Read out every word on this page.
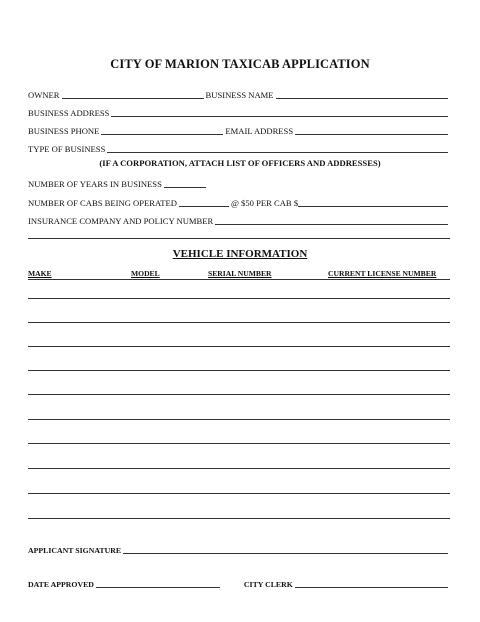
CITY OF MARION TAXICAB APPLICATION
OWNER	BUSINESS NAME
BUSINESS ADDRESS
BUSINESS PHONE	EMAIL ADDRESS
TYPE OF BUSINESS
(IF A CORPORATION, ATTACH LIST OF OFFICERS AND ADDRESSES)
NUMBER OF YEARS IN BUSINESS
NUMBER OF CABS BEING OPERATED	@ $50 PER CAB $
INSURANCE COMPANY AND POLICY NUMBER
VEHICLE INFORMATION
MAKE	MODEL	SERIAL NUMBER	CURRENT LICENSE NUMBER
APPLICANT SIGNATURE
DATE APPROVED	CITY CLERK
